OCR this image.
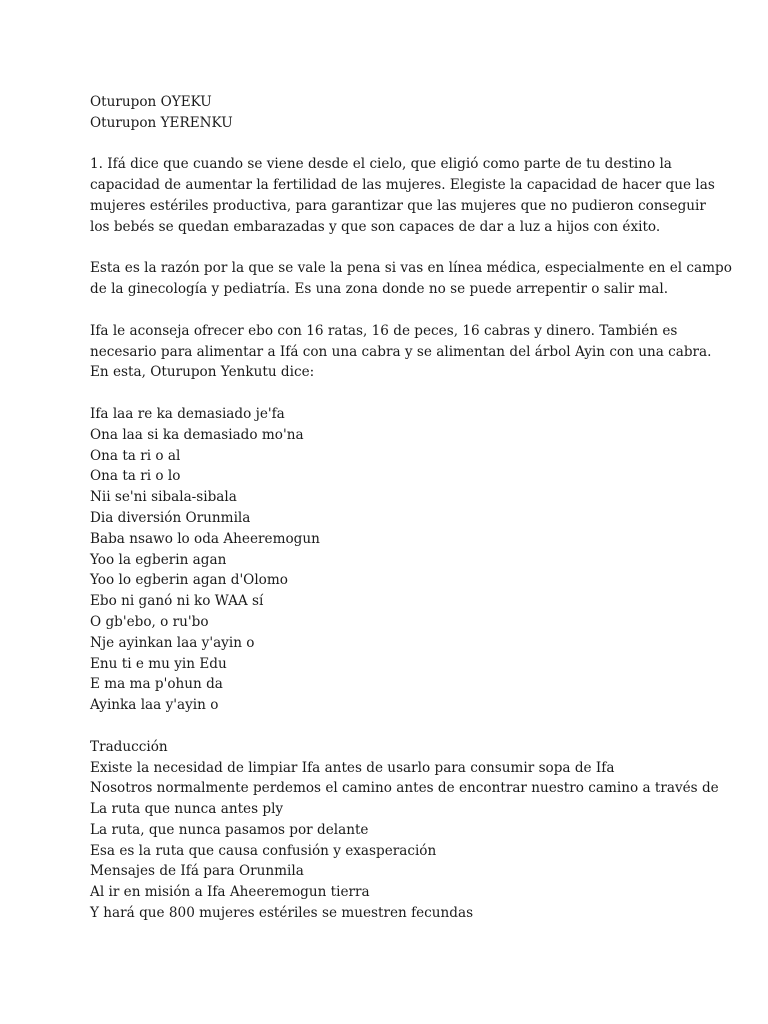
Oturupon OYEKU

Oturupon YERENKU

1. Ifá dice que cuando se viene desde el cielo, que eligió como parte de tu destino la

capacidad de aumentar la fertilidad de las mujeres. Elegiste la capacidad de hacer que las

mujeres estériles productiva, para garantizar que las mujeres que no pudieron conseguir

los bebés se quedan embarazadas y que son capaces de dar a luz a hijos con éxito.

Esta es la razón por la que se vale la pena si vas en línea médica, especialmente en el campo

de la ginecología y pediatría. Es una zona donde no se puede arrepentir o salir mal.

Ifa le aconseja ofrecer ebo con 16 ratas, 16 de peces, 16 cabras y dinero. También es

necesario para alimentar a Ifá con una cabra y se alimentan del árbol Ayin con una cabra.

En esta, Oturupon Yenkutu dice:

Ifa laa re ka demasiado je'fa

Ona laa si ka demasiado mo'na

Ona ta ri o al

Ona ta ri o lo

Nii se'ni sibala-sibala

Dia diversión Orunmila

Baba nsawo lo oda Aheeremogun

Yoo la egberin agan

Yoo lo egberin agan d'Olomo

Ebo ni ganó ni ko WAA sí

O gb'ebo, o ru'bo

Nje ayinkan laa y'ayin o

Enu ti e mu yin Edu

E ma ma p'ohun da

Ayinka laa y'ayin o

Traducción

Existe la necesidad de limpiar Ifa antes de usarlo para consumir sopa de Ifa

Nosotros normalmente perdemos el camino antes de encontrar nuestro camino a través de

La ruta que nunca antes ply

La ruta, que nunca pasamos por delante

Esa es la ruta que causa confusión y exasperación

Mensajes de Ifá para Orunmila

Al ir en misión a Ifa Aheeremogun tierra

Y hará que 800 mujeres estériles se muestren fecundas
